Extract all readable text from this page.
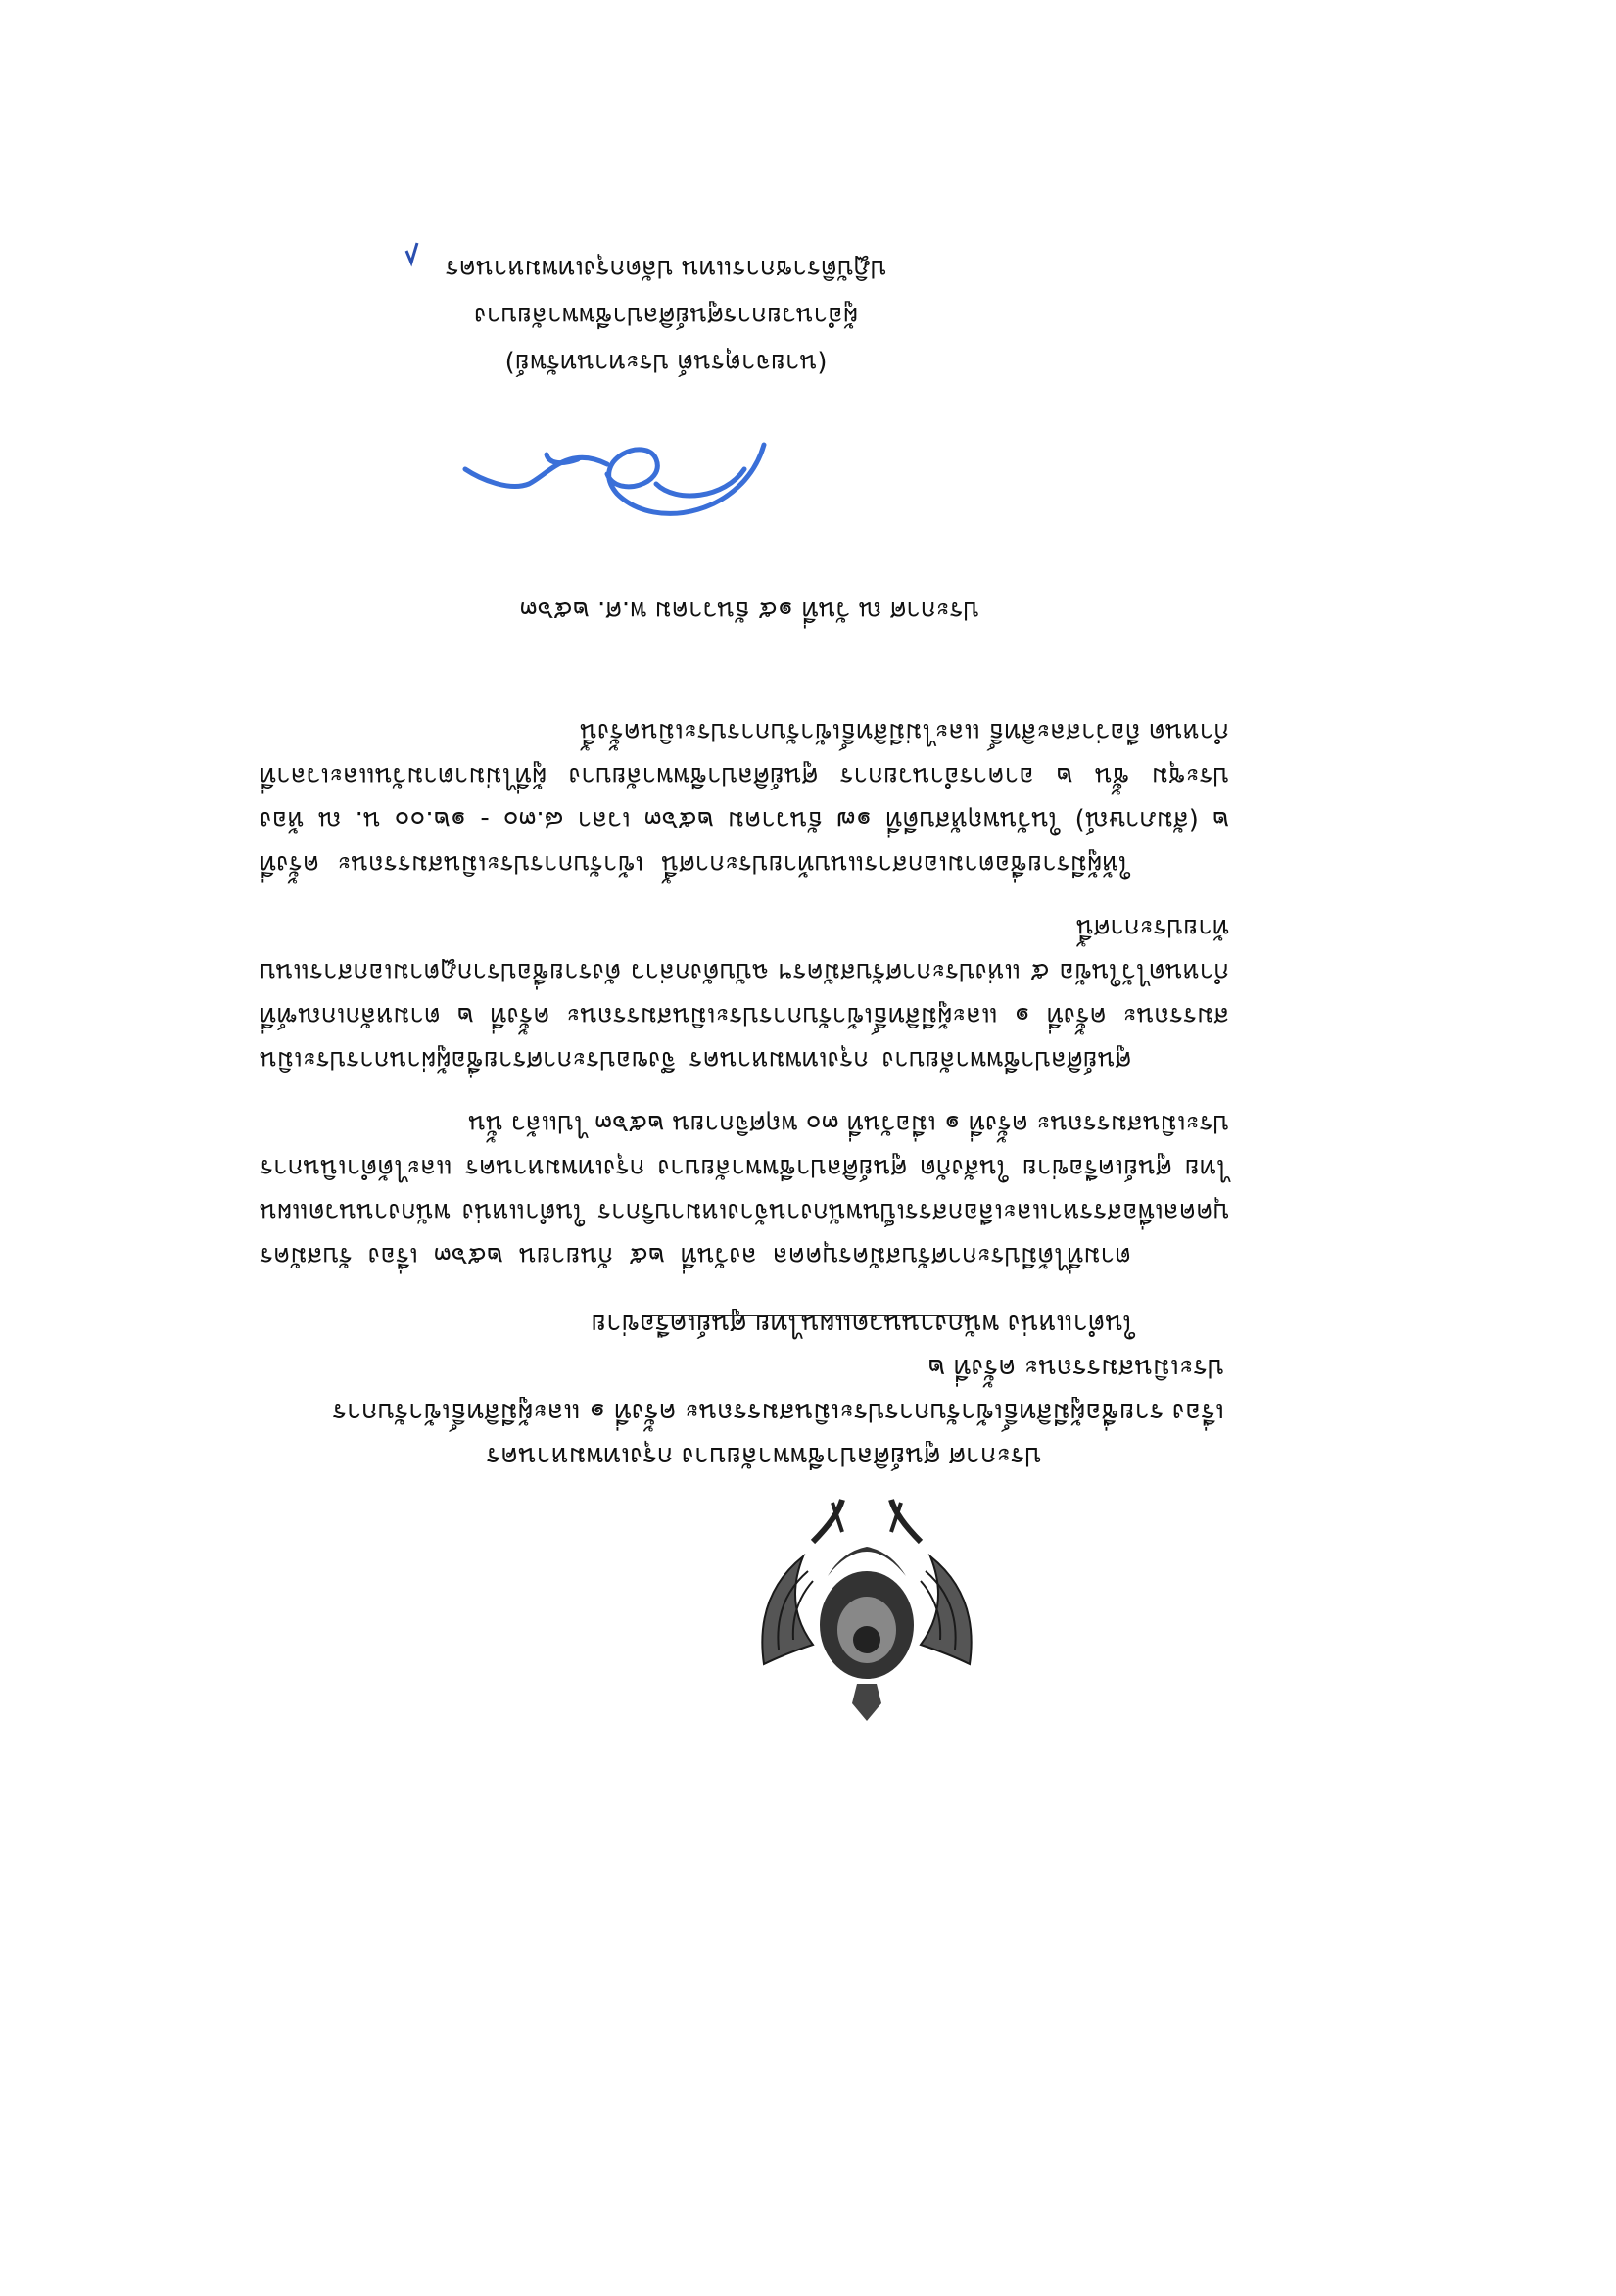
ประกาศ ศูนย์ศิลปาชีพพาลัยบาง กรุงเทพมหานคร
เรื่อง รายชื่อผู้มีสิทธิ์เข้ารับการประเมินสมรรถนะ ครั้งที่ ๑ และผู้มีสิทธิ์เข้ารับการประเมินสมรรถนะ ครั้งที่ ๒
ในตำแหน่ง พนักงานนวดแผนไทย ศูนย์เครือข่าย

ตามที่ได้มีประกาศรับสมัครบุคคล ลงวันที่ ๒๕ กันยายน ๒๕๖๓ เรื่อง รับสมัครบุคคลเพื่อสรรหาและเลือกสรรเป็นพนักงานจ้างเหมาบริการ ในตำแหน่ง พนักงานนวดแผนไทย ศูนย์เครือข่าย ในสังกัด ศูนย์ศิลปาชีพพาลัยบาง กรุงเทพมหานคร และได้ดำเนินการประเมินสมรรถนะ ครั้งที่ ๑ เมื่อวันที่ ๓๐ พฤศจิกายน ๒๕๖๓ ไปแล้ว นั้น

ศูนย์ศิลปาชีพพาลัยบาง กรุงเทพมหานคร จึงขอประกาศรายชื่อผู้ผ่านการประเมินสมรรถนะ ครั้งที่ ๑ และผู้มีสิทธิ์เข้ารับการประเมินสมรรถนะ ครั้งที่ ๒ ตามหลักเกณฑ์ที่กำหนดไว้ในข้อ ๕ แห่งประกาศรับสมัครฯ ฉบับดังกล่าว ดังรายชื่อปรากฏตามเอกสารแนบท้ายประกาศนี้

ให้ผู้มีรายชื่อตามเอกสารแนบท้ายประกาศนี้ เข้ารับการประเมินสมรรถนะ ครั้งที่ ๒ (สัมภาษณ์) ในวันพฤหัสบดีที่ ๑๗ ธันวาคม ๒๕๖๓ เวลา ๘.๓๐ - ๑๒.๐๐ น. ณ ห้องประชุม ชั้น ๒ อาคารอำนวยการ ศูนย์ศิลปาชีพพาลัยบาง ผู้ที่ไม่มาตามวันและเวลาที่กำหนด ถือว่าสละสิทธิ์ และไม่มีสิทธิ์เข้ารับการประเมินครั้งนี้

ประกาศ ณ วันที่ ๑๕ ธันวาคม พ.ศ. ๒๕๖๓
(นายจาตุรนต์ ประทานทรัพย์)
ผู้อำนวยการศูนย์ศิลปาชีพพาลัยบาง
ปฏิบัติราชการแทน ปลัดกรุงเทพมหานคร
